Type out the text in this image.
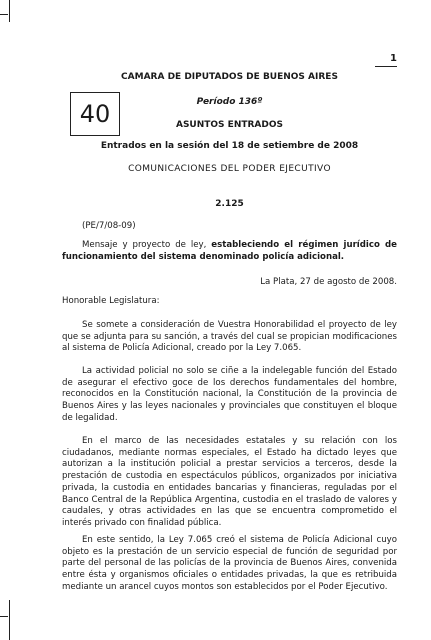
1
40
CAMARA DE DIPUTADOS DE BUENOS AIRES
Período 136º
ASUNTOS ENTRADOS
Entrados en la sesión del 18 de setiembre de 2008
COMUNICACIONES DEL PODER EJECUTIVO
2.125

(PE/7/08-09)

Mensaje y proyecto de ley, estableciendo el régimen jurídico de funcionamiento del sistema denominado policía adicional.

La Plata, 27 de agosto de 2008.

Honorable Legislatura:

Se somete a consideración de Vuestra Honorabilidad el proyecto de ley que se adjunta para su sanción, a través del cual se propician modificaciones al sistema de Policía Adicional, creado por la Ley 7.065.

La actividad policial no solo se ciñe a la indelegable función del Estado de asegurar el efectivo goce de los derechos fundamentales del hombre, reconocidos en la Constitución nacional, la Constitución de la provincia de Buenos Aires y las leyes nacionales y provinciales que constituyen el bloque de legalidad.

En el marco de las necesidades estatales y su relación con los ciudadanos, mediante normas especiales, el Estado ha dictado leyes que autorizan a la institución policial a prestar servicios a terceros, desde la prestación de custodia en espectáculos públicos, organizados por iniciativa privada, la custodia en entidades bancarias y financieras, reguladas por el Banco Central de la República Argentina, custodia en el traslado de valores y caudales, y otras actividades en las que se encuentra comprometido el interés privado con finalidad pública.

En este sentido, la Ley 7.065 creó el sistema de Policía Adicional cuyo objeto es la prestación de un servicio especial de función de seguridad por parte del personal de las policías de la provincia de Buenos Aires, convenida entre ésta y organismos oficiales o entidades privadas, la que es retribuida mediante un arancel cuyos montos son establecidos por el Poder Ejecutivo.
